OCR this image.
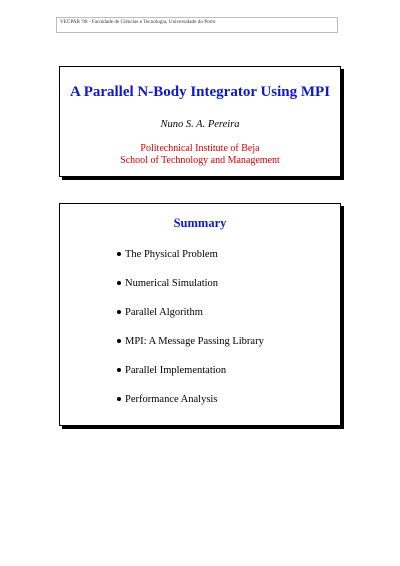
VECPAR '98 - Faculdade de Ciências e Tecnologia, Universidade do Porto
A Parallel N-Body Integrator Using MPI
Nuno S. A. Pereira
Politechnical Institute of Beja
School of Technology and Management
Summary
The Physical Problem
Numerical Simulation
Parallel Algorithm
MPI: A Message Passing Library
Parallel Implementation
Performance Analysis
